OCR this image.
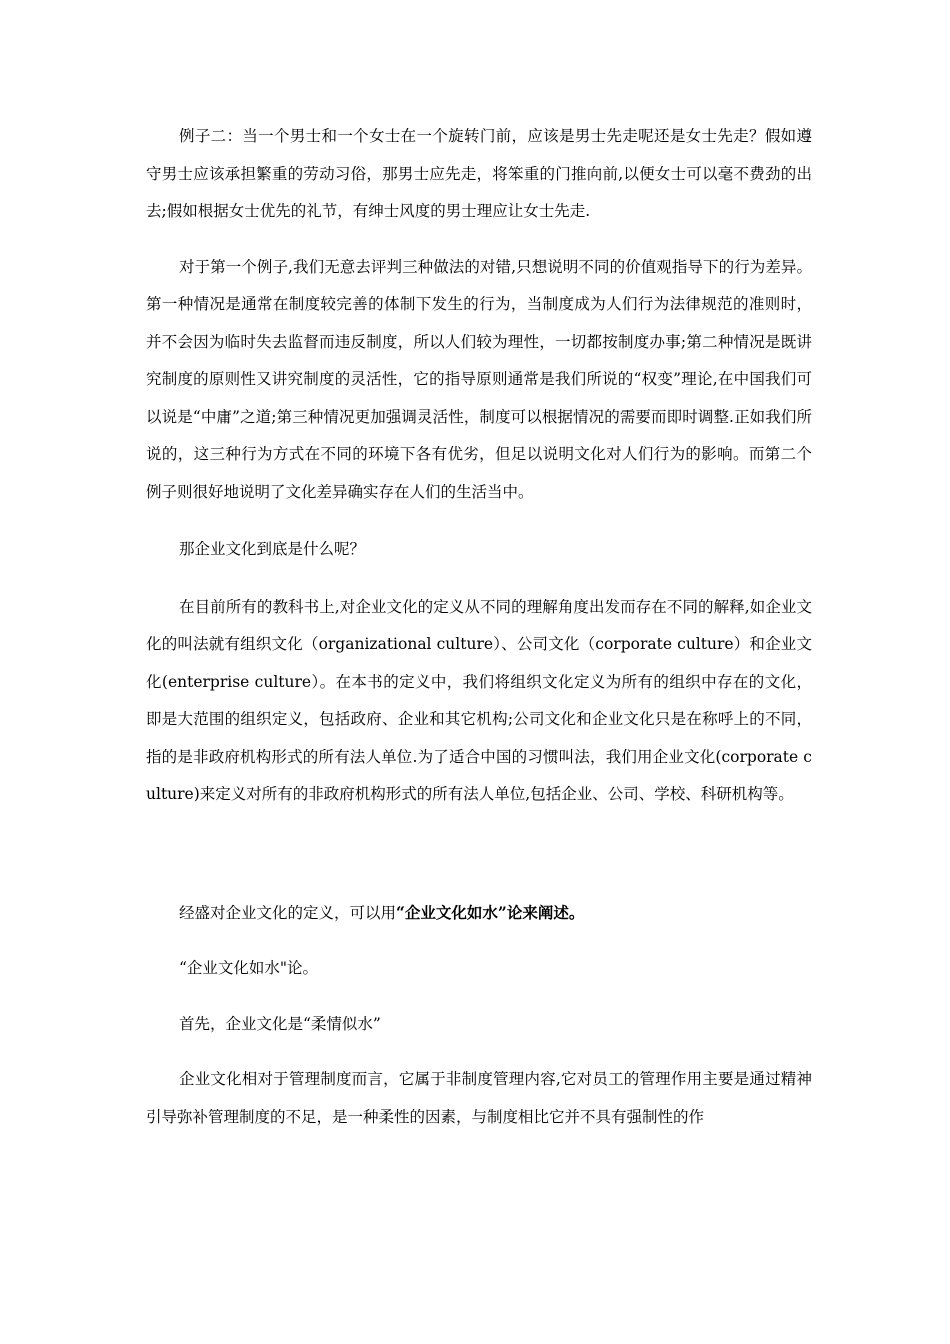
例子二：当一个男士和一个女士在一个旋转门前，应该是男士先走呢还是女士先走？假如遵守男士应该承担繁重的劳动习俗，那男士应先走，将笨重的门推向前,以便女士可以毫不费劲的出去;假如根据女士优先的礼节，有绅士风度的男士理应让女士先走.

对于第一个例子,我们无意去评判三种做法的对错,只想说明不同的价值观指导下的行为差异。第一种情况是通常在制度较完善的体制下发生的行为，当制度成为人们行为法律规范的准则时，并不会因为临时失去监督而违反制度，所以人们较为理性，一切都按制度办事;第二种情况是既讲究制度的原则性又讲究制度的灵活性，它的指导原则通常是我们所说的“权变”理论,在中国我们可以说是“中庸”之道;第三种情况更加强调灵活性，制度可以根据情况的需要而即时调整.正如我们所说的，这三种行为方式在不同的环境下各有优劣，但足以说明文化对人们行为的影响。而第二个例子则很好地说明了文化差异确实存在人们的生活当中。

那企业文化到底是什么呢？

在目前所有的教科书上,对企业文化的定义从不同的理解角度出发而存在不同的解释,如企业文化的叫法就有组织文化（organizational culture）、公司文化（corporate culture）和企业文化(enterprise culture）。在本书的定义中，我们将组织文化定义为所有的组织中存在的文化，即是大范围的组织定义，包括政府、企业和其它机构;公司文化和企业文化只是在称呼上的不同，指的是非政府机构形式的所有法人单位.为了适合中国的习惯叫法，我们用企业文化(corporate culture)来定义对所有的非政府机构形式的所有法人单位,包括企业、公司、学校、科研机构等。

经盛对企业文化的定义，可以用“企业文化如水”论来阐述。

“企业文化如水"论。

首先，企业文化是“柔情似水”

企业文化相对于管理制度而言，它属于非制度管理内容,它对员工的管理作用主要是通过精神引导弥补管理制度的不足，是一种柔性的因素，与制度相比它并不具有强制性的作
